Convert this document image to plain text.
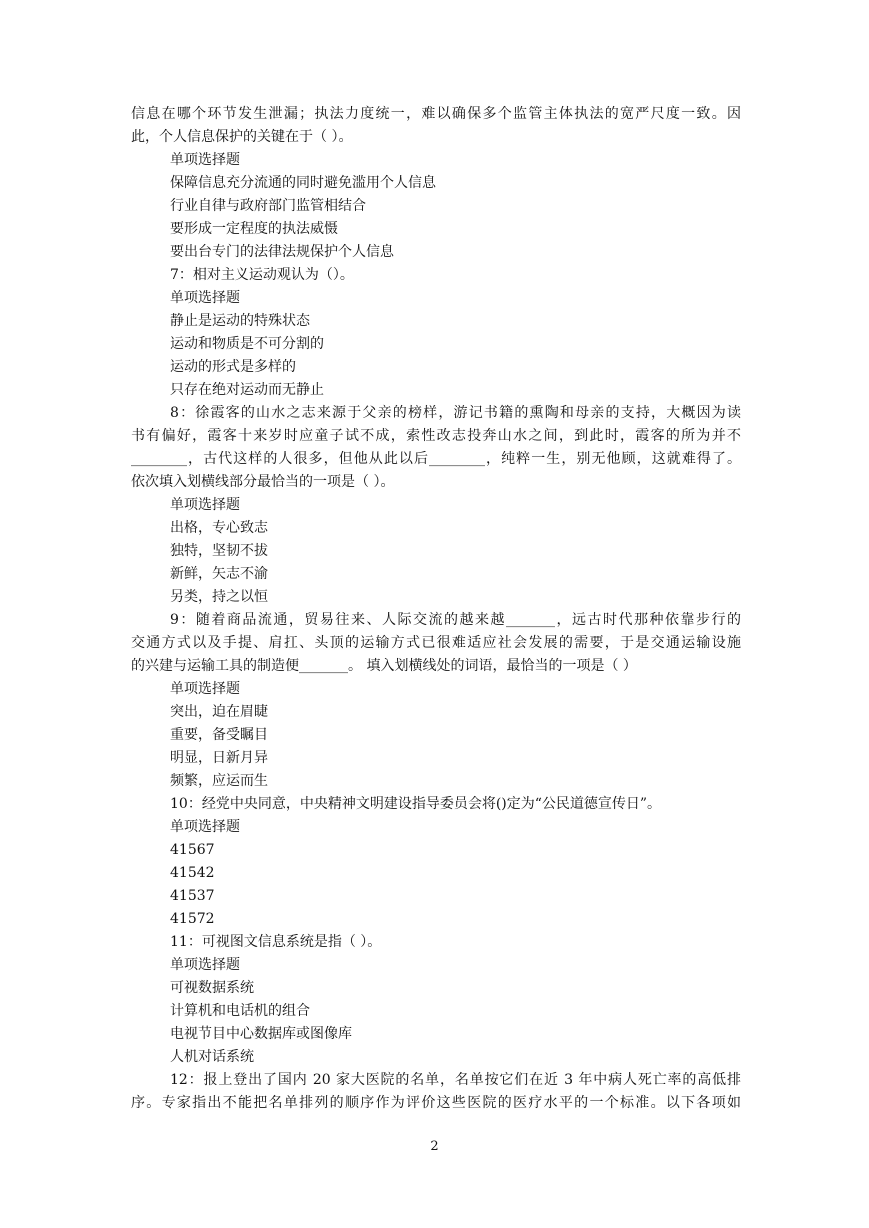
信息在哪个环节发生泄漏；执法力度统一，难以确保多个监管主体执法的宽严尺度一致。因
此，个人信息保护的关键在于（ ）。
单项选择题
保障信息充分流通的同时避免滥用个人信息
行业自律与政府部门监管相结合
要形成一定程度的执法威慑
要出台专门的法律法规保护个人信息
7：相对主义运动观认为（）。
单项选择题
静止是运动的特殊状态
运动和物质是不可分割的
运动的形式是多样的
只存在绝对运动而无静止
8：徐霞客的山水之志来源于父亲的榜样，游记书籍的熏陶和母亲的支持，大概因为读
书有偏好，霞客十来岁时应童子试不成，索性改志投奔山水之间，到此时，霞客的所为并不
________，古代这样的人很多，但他从此以后________，纯粹一生，别无他顾，这就难得了。
依次填入划横线部分最恰当的一项是（ ）。
单项选择题
出格，专心致志
独特，坚韧不拔
新鲜，矢志不渝
另类，持之以恒
9：随着商品流通，贸易往来、人际交流的越来越_______，远古时代那种依靠步行的
交通方式以及手提、肩扛、头顶的运输方式已很难适应社会发展的需要，于是交通运输设施
的兴建与运输工具的制造便_______。 填入划横线处的词语，最恰当的一项是（ ）
单项选择题
突出，迫在眉睫
重要，备受瞩目
明显，日新月异
频繁，应运而生
10：经党中央同意，中央精神文明建设指导委员会将()定为“公民道德宣传日”。
单项选择题
41567
41542
41537
41572
11：可视图文信息系统是指（ ）。
单项选择题
可视数据系统
计算机和电话机的组合
电视节目中心数据库或图像库
人机对话系统
12：报上登出了国内 20 家大医院的名单，名单按它们在近 3 年中病人死亡率的高低排
序。专家指出不能把名单排列的顺序作为评价这些医院的医疗水平的一个标准。以下各项如
2
